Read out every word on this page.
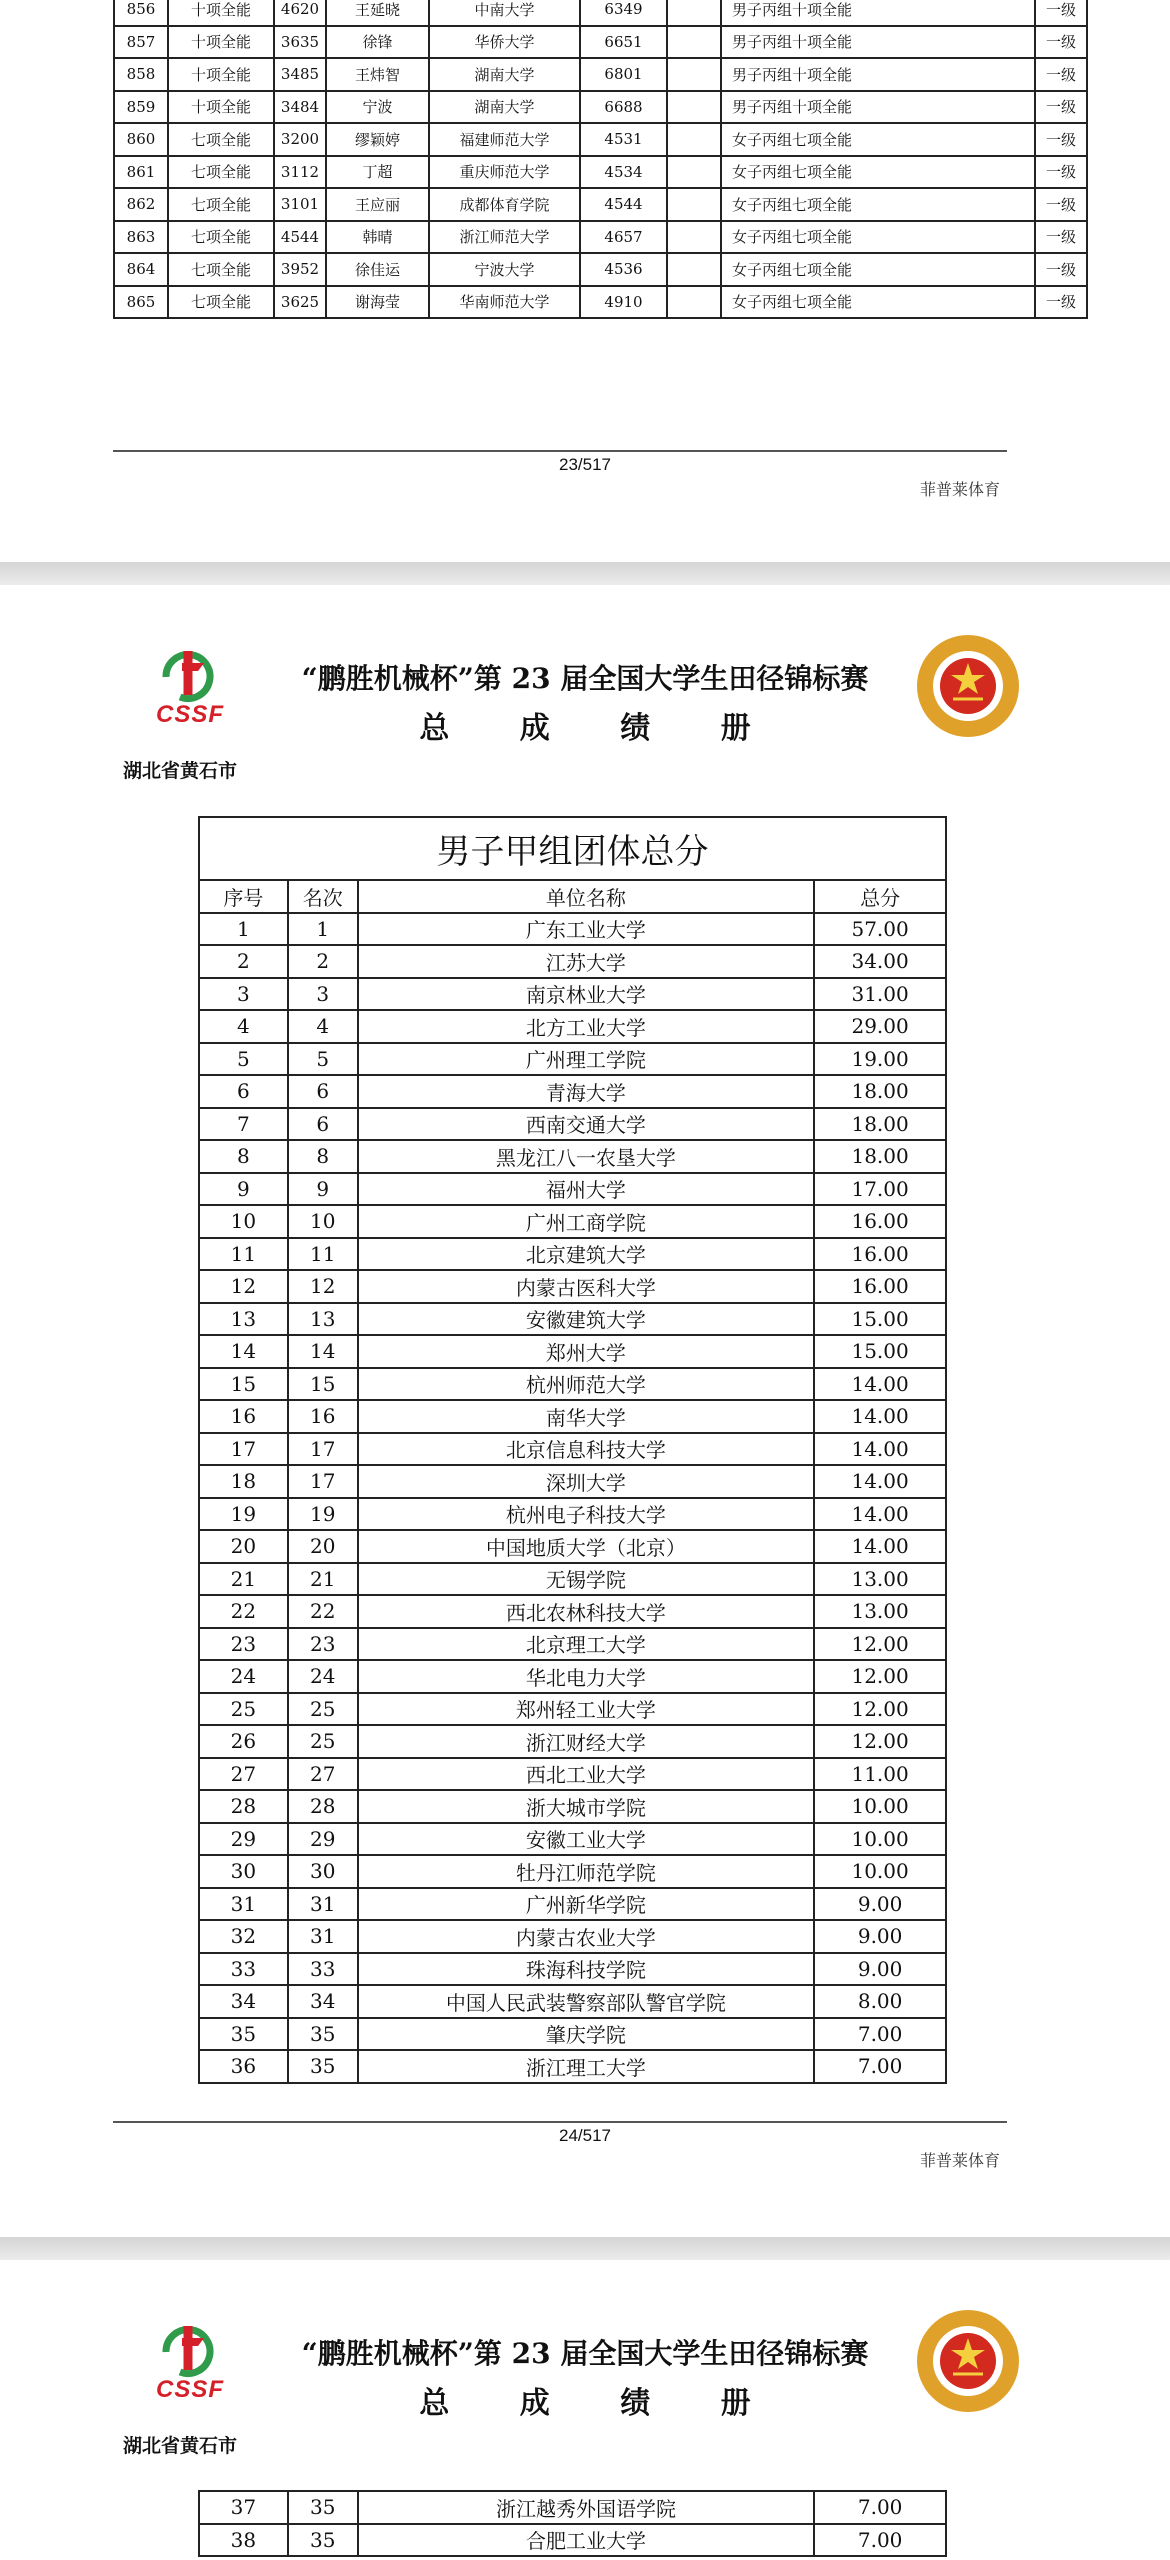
856	十项全能	4620	王延晓	中南大学	6349		男子丙组十项全能	一级
857	十项全能	3635	徐锋	华侨大学	6651		男子丙组十项全能	一级
858	十项全能	3485	王炜智	湖南大学	6801		男子丙组十项全能	一级
859	十项全能	3484	宁波	湖南大学	6688		男子丙组十项全能	一级
860	七项全能	3200	缪颖婷	福建师范大学	4531		女子丙组七项全能	一级
861	七项全能	3112	丁超	重庆师范大学	4534		女子丙组七项全能	一级
862	七项全能	3101	王应丽	成都体育学院	4544		女子丙组七项全能	一级
863	七项全能	4544	韩晴	浙江师范大学	4657		女子丙组七项全能	一级
864	七项全能	3952	徐佳运	宁波大学	4536		女子丙组七项全能	一级
865	七项全能	3625	谢海莹	华南师范大学	4910		女子丙组七项全能	一级
23/517
菲普莱体育
CSSF
“鹏胜机械杯”第 23 届全国大学生田径锦标赛
总 成 绩 册
湖北省黄石市
男子甲组团体总分			
序号	名次	单位名称	总分
1	1	广东工业大学	57.00
2	2	江苏大学	34.00
3	3	南京林业大学	31.00
4	4	北方工业大学	29.00
5	5	广州理工学院	19.00
6	6	青海大学	18.00
7	6	西南交通大学	18.00
8	8	黑龙江八一农垦大学	18.00
9	9	福州大学	17.00
10	10	广州工商学院	16.00
11	11	北京建筑大学	16.00
12	12	内蒙古医科大学	16.00
13	13	安徽建筑大学	15.00
14	14	郑州大学	15.00
15	15	杭州师范大学	14.00
16	16	南华大学	14.00
17	17	北京信息科技大学	14.00
18	17	深圳大学	14.00
19	19	杭州电子科技大学	14.00
20	20	中国地质大学（北京）	14.00
21	21	无锡学院	13.00
22	22	西北农林科技大学	13.00
23	23	北京理工大学	12.00
24	24	华北电力大学	12.00
25	25	郑州轻工业大学	12.00
26	25	浙江财经大学	12.00
27	27	西北工业大学	11.00
28	28	浙大城市学院	10.00
29	29	安徽工业大学	10.00
30	30	牡丹江师范学院	10.00
31	31	广州新华学院	9.00
32	31	内蒙古农业大学	9.00
33	33	珠海科技学院	9.00
34	34	中国人民武装警察部队警官学院	8.00
35	35	肇庆学院	7.00
36	35	浙江理工大学	7.00
24/517
菲普莱体育
CSSF
“鹏胜机械杯”第 23 届全国大学生田径锦标赛
总 成 绩 册
湖北省黄石市
37	35	浙江越秀外国语学院	7.00
38	35	合肥工业大学	7.00
